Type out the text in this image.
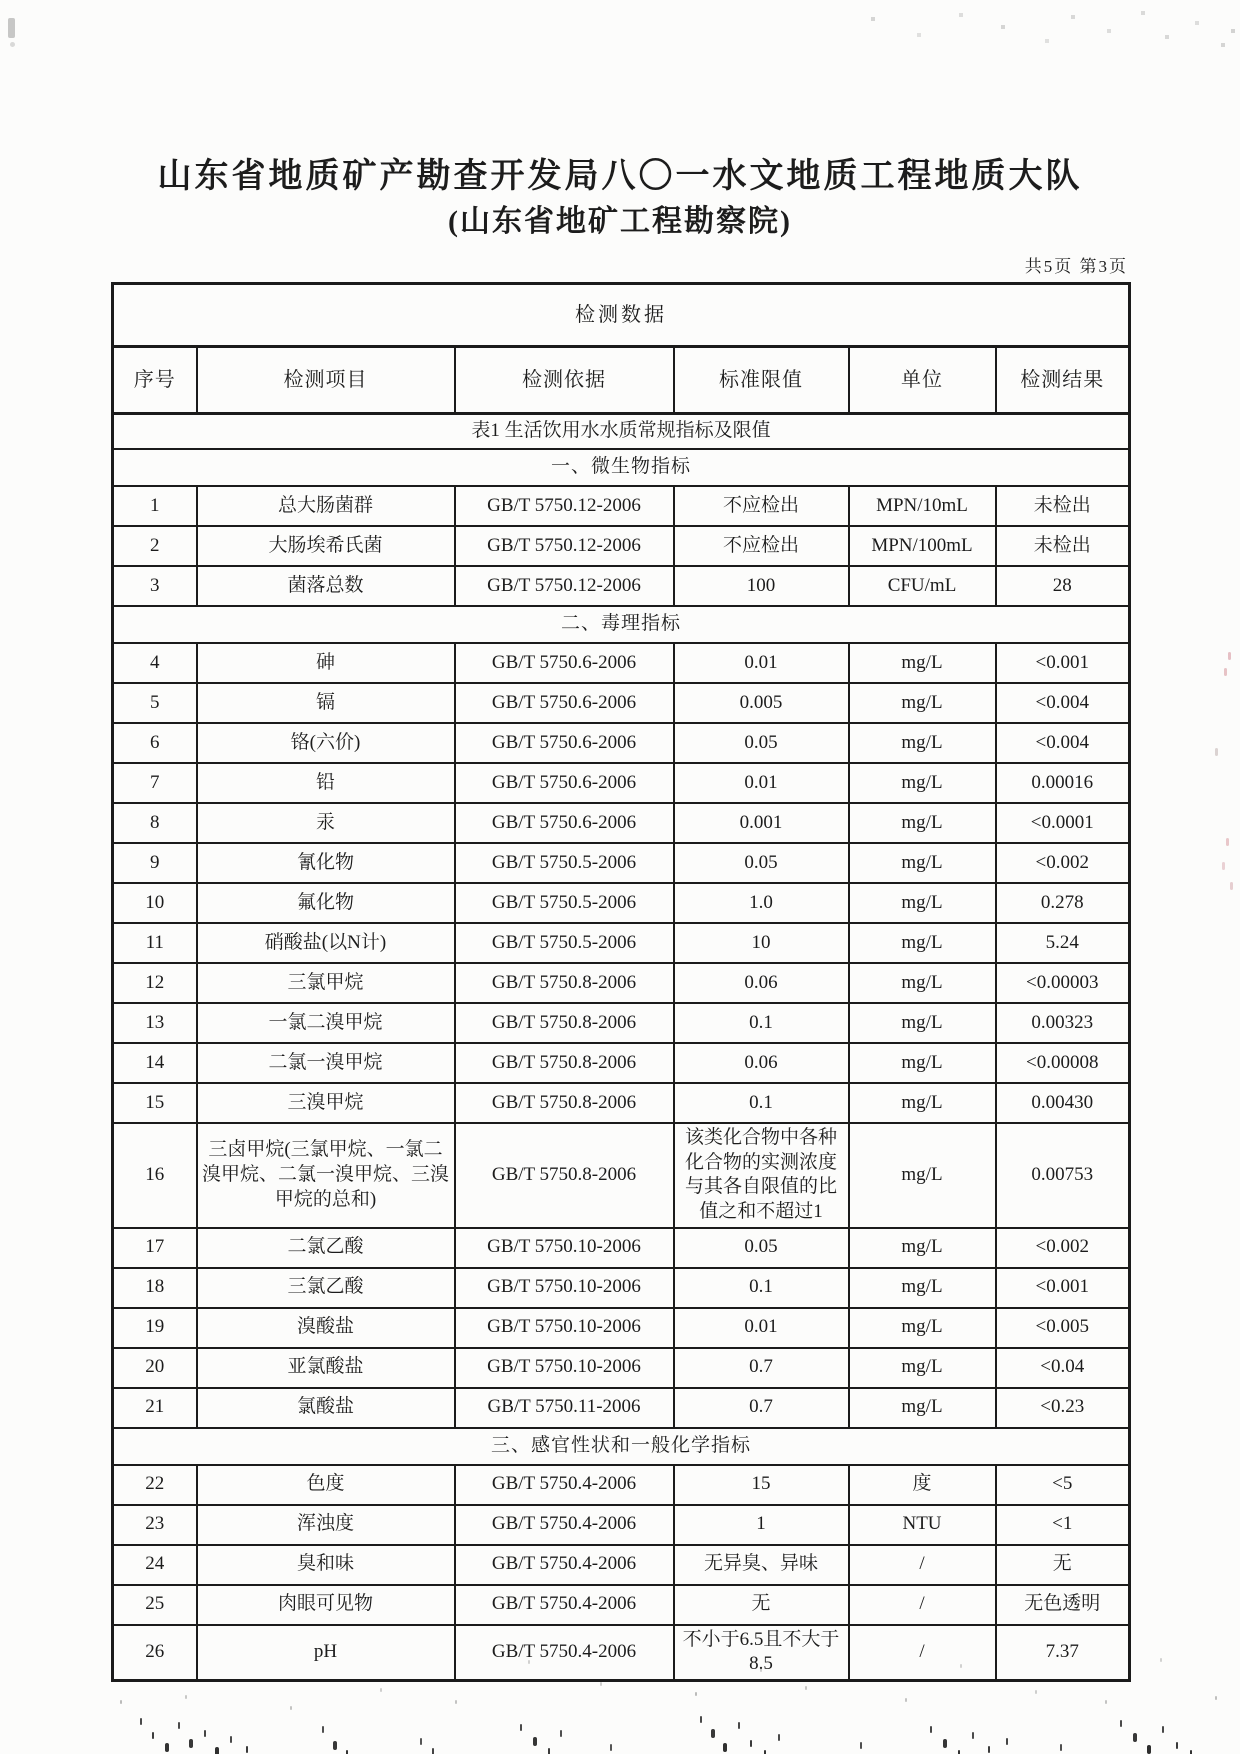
山东省地质矿产勘查开发局八〇一水文地质工程地质大队
(山东省地矿工程勘察院)
共5页 第3页
检测数据					
序号	检测项目	检测依据	标准限值	单位	检测结果
表1 生活饮用水水质常规指标及限值					
一、微生物指标					
1	总大肠菌群	GB/T 5750.12-2006	不应检出	MPN/10mL	未检出
2	大肠埃希氏菌	GB/T 5750.12-2006	不应检出	MPN/100mL	未检出
3	菌落总数	GB/T 5750.12-2006	100	CFU/mL	28
二、毒理指标					
4	砷	GB/T 5750.6-2006	0.01	mg/L	<0.001
5	镉	GB/T 5750.6-2006	0.005	mg/L	<0.004
6	铬(六价)	GB/T 5750.6-2006	0.05	mg/L	<0.004
7	铅	GB/T 5750.6-2006	0.01	mg/L	0.00016
8	汞	GB/T 5750.6-2006	0.001	mg/L	<0.0001
9	氰化物	GB/T 5750.5-2006	0.05	mg/L	<0.002
10	氟化物	GB/T 5750.5-2006	1.0	mg/L	0.278
11	硝酸盐(以N计)	GB/T 5750.5-2006	10	mg/L	5.24
12	三氯甲烷	GB/T 5750.8-2006	0.06	mg/L	<0.00003
13	一氯二溴甲烷	GB/T 5750.8-2006	0.1	mg/L	0.00323
14	二氯一溴甲烷	GB/T 5750.8-2006	0.06	mg/L	<0.00008
15	三溴甲烷	GB/T 5750.8-2006	0.1	mg/L	0.00430
16	三卤甲烷(三氯甲烷、一氯二溴甲烷、二氯一溴甲烷、三溴甲烷的总和)	GB/T 5750.8-2006	该类化合物中各种化合物的实测浓度与其各自限值的比值之和不超过1	mg/L	0.00753
17	二氯乙酸	GB/T 5750.10-2006	0.05	mg/L	<0.002
18	三氯乙酸	GB/T 5750.10-2006	0.1	mg/L	<0.001
19	溴酸盐	GB/T 5750.10-2006	0.01	mg/L	<0.005
20	亚氯酸盐	GB/T 5750.10-2006	0.7	mg/L	<0.04
21	氯酸盐	GB/T 5750.11-2006	0.7	mg/L	<0.23
三、感官性状和一般化学指标					
22	色度	GB/T 5750.4-2006	15	度	<5
23	浑浊度	GB/T 5750.4-2006	1	NTU	<1
24	臭和味	GB/T 5750.4-2006	无异臭、异味	/	无
25	肉眼可见物	GB/T 5750.4-2006	无	/	无色透明
26	pH	GB/T 5750.4-2006	不小于6.5且不大于8.5	/	7.37
